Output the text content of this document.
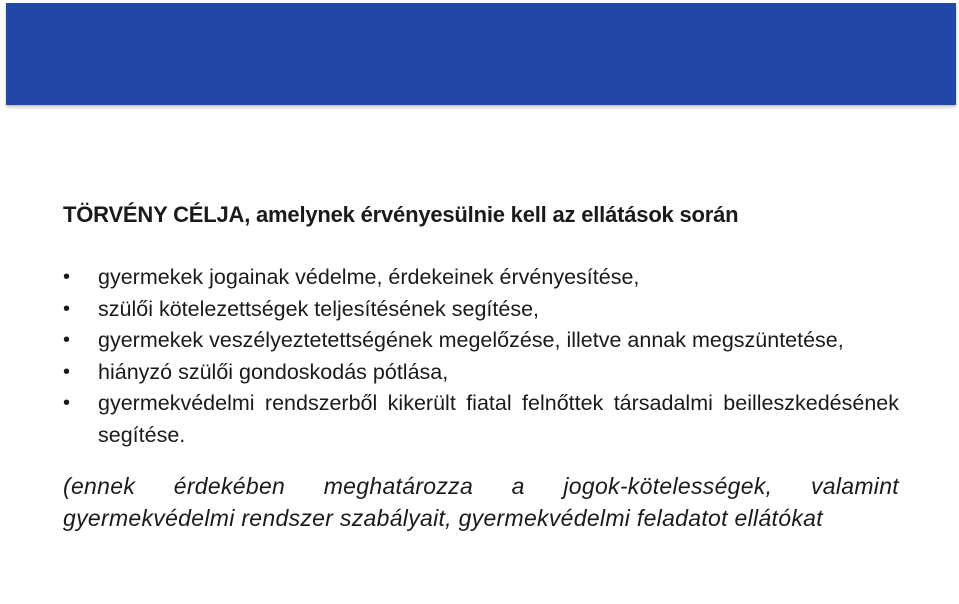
TÖRVÉNY CÉLJA, amelynek érvényesülnie kell az ellátások során
• gyermekek jogainak védelme, érdekeinek érvényesítése,
• szülői kötelezettségek teljesítésének segítése,
• gyermekek veszélyeztetettségének megelőzése, illetve annak megszüntetése,
• hiányzó szülői gondoskodás pótlása,
• gyermekvédelmi rendszerből kikerült fiatal felnőttek társadalmi beilleszkedésének segítése.
(ennek érdekében meghatározza a jogok-kötelességek, valamint gyermekvédelmi rendszer szabályait, gyermekvédelmi feladatot ellátókat
